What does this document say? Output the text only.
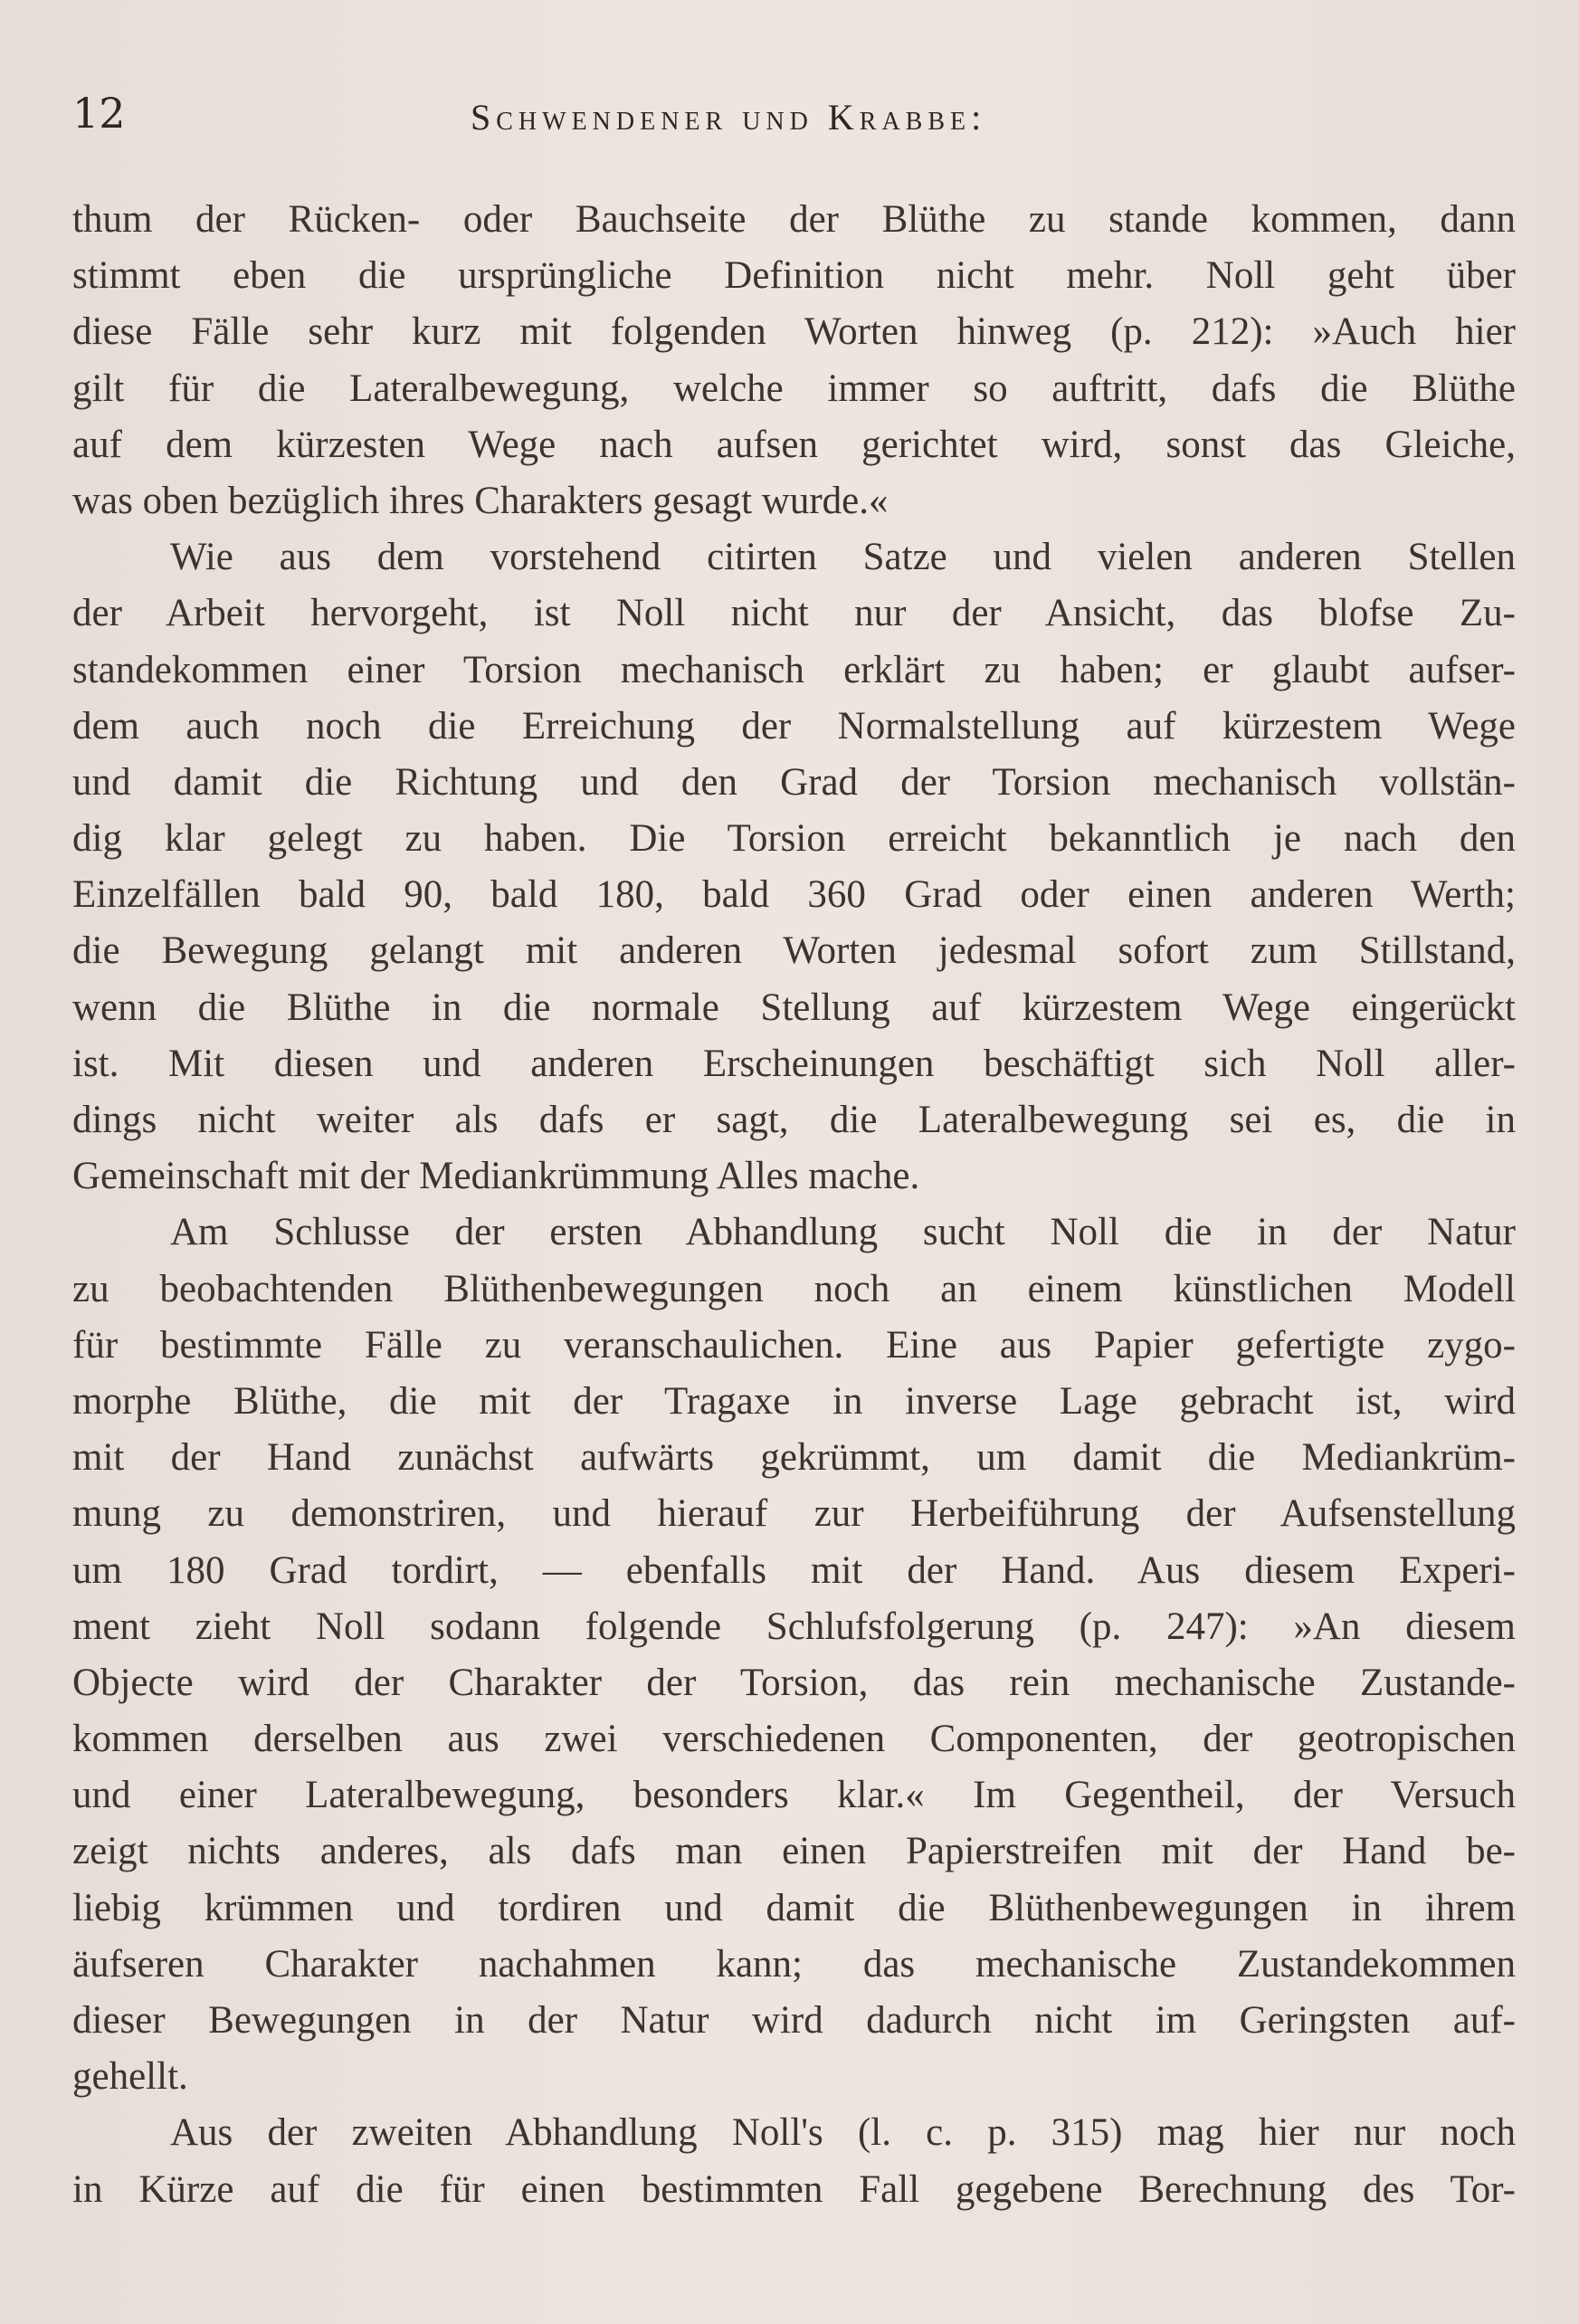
12	Schwendener und Krabbe:
thum der Rücken- oder Bauchseite der Blüthe zu stande kommen, dann
stimmt eben die ursprüngliche Definition nicht mehr. Noll geht über
diese Fälle sehr kurz mit folgenden Worten hinweg (p. 212): »Auch hier
gilt für die Lateralbewegung, welche immer so auftritt, dafs die Blüthe
auf dem kürzesten Wege nach aufsen gerichtet wird, sonst das Gleiche,
was oben bezüglich ihres Charakters gesagt wurde.«
Wie aus dem vorstehend citirten Satze und vielen anderen Stellen
der Arbeit hervorgeht, ist Noll nicht nur der Ansicht, das blofse Zu-
standekommen einer Torsion mechanisch erklärt zu haben; er glaubt aufser-
dem auch noch die Erreichung der Normalstellung auf kürzestem Wege
und damit die Richtung und den Grad der Torsion mechanisch vollstän-
dig klar gelegt zu haben. Die Torsion erreicht bekanntlich je nach den
Einzelfällen bald 90, bald 180, bald 360 Grad oder einen anderen Werth;
die Bewegung gelangt mit anderen Worten jedesmal sofort zum Stillstand,
wenn die Blüthe in die normale Stellung auf kürzestem Wege eingerückt
ist. Mit diesen und anderen Erscheinungen beschäftigt sich Noll aller-
dings nicht weiter als dafs er sagt, die Lateralbewegung sei es, die in
Gemeinschaft mit der Mediankrümmung Alles mache.
Am Schlusse der ersten Abhandlung sucht Noll die in der Natur
zu beobachtenden Blüthenbewegungen noch an einem künstlichen Modell
für bestimmte Fälle zu veranschaulichen. Eine aus Papier gefertigte zygo-
morphe Blüthe, die mit der Tragaxe in inverse Lage gebracht ist, wird
mit der Hand zunächst aufwärts gekrümmt, um damit die Mediankrüm-
mung zu demonstriren, und hierauf zur Herbeiführung der Aufsenstellung
um 180 Grad tordirt, — ebenfalls mit der Hand. Aus diesem Experi-
ment zieht Noll sodann folgende Schlufsfolgerung (p. 247): »An diesem
Objecte wird der Charakter der Torsion, das rein mechanische Zustande-
kommen derselben aus zwei verschiedenen Componenten, der geotropischen
und einer Lateralbewegung, besonders klar.« Im Gegentheil, der Versuch
zeigt nichts anderes, als dafs man einen Papierstreifen mit der Hand be-
liebig krümmen und tordiren und damit die Blüthenbewegungen in ihrem
äufseren Charakter nachahmen kann; das mechanische Zustandekommen
dieser Bewegungen in der Natur wird dadurch nicht im Geringsten auf-
gehellt.
Aus der zweiten Abhandlung Noll's (l. c. p. 315) mag hier nur noch
in Kürze auf die für einen bestimmten Fall gegebene Berechnung des Tor-
